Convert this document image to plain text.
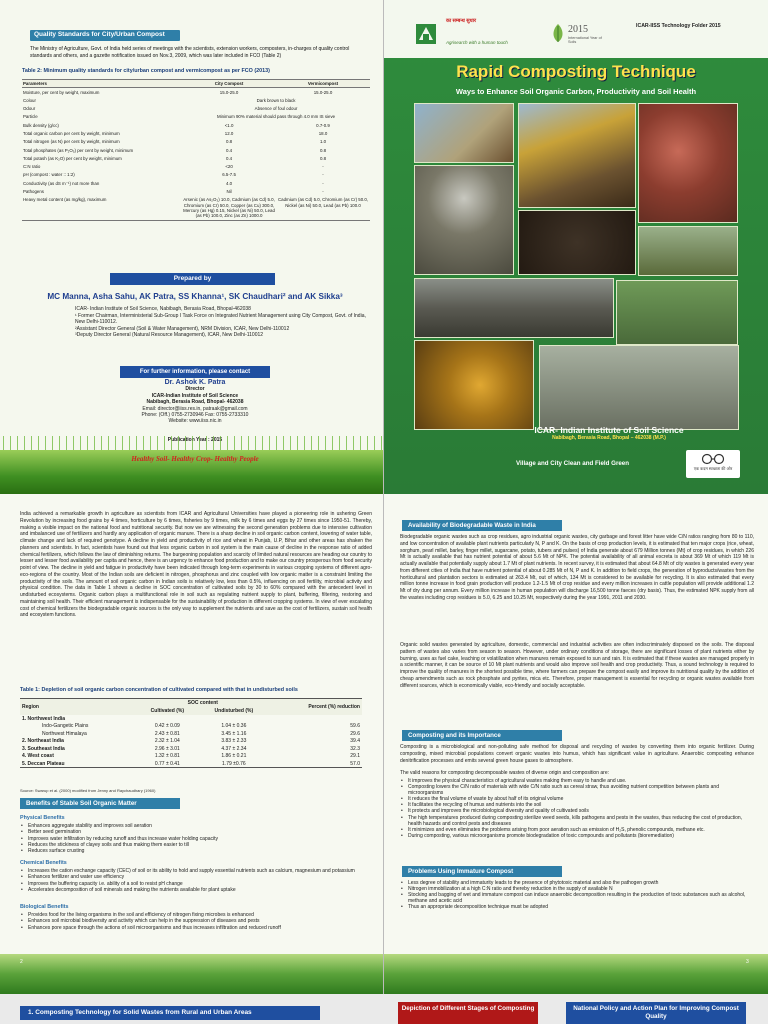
Quality Standards for City/Urban Compost

The Ministry of Agriculture, Govt. of India held series of meetings with the scientists, extension workers, composters, in-charges of quality control standards and others, and a gazette notification issued on Nov.3, 2009, which was later included in FCO (Table 2)

Table 2: Minimum quality standards for city/urban compost and vermicompost as per FCO (2013)
Parameters	City Compost	Vermicompost
Moisture, per cent by weight, maximum	15.0-25.0	15.0-25.0
Colour	Dark brown to black	
Odour	Absence of foul odour	
Particle	Minimum 90% material should pass through 4.0 mm IS sieve	
Bulk density (g/cc)	<1.0	0.7-0.9
Total organic carbon per cent by weight, minimum	12.0	18.0
Total nitrogen (as N) per cent by weight, minimum	0.8	1.0
Total phosphates (as P₂O₅) per cent by weight, minimum	0.4	0.8
Total potash (as K₂O) per cent by weight, minimum	0.4	0.8
C:N ratio	<20	-
pH (compost : water :: 1:2)	6.5-7.5	-
Conductivity (as dS m⁻¹) not more than	4.0	-
Pathogens	Nil	-
Heavy metal content (as mg/kg), maximum	Arsenic (as As₂O₃) 10.0, Cadmium (as Cd) 5.0, Chromium (as Cr) 50.0, Copper (as Cu) 300.0, Mercury (as Hg) 0.15, Nickel (as Ni) 50.0, Lead (as Pb) 100.0, Zinc (as Zn) 1000.0	Cadmium (as Cd) 5.0, Chromium (as Cr) 50.0, Nickel (as Ni) 50.0, Lead (as Pb) 100.0
Prepared by
MC Manna, Asha Sahu, AK Patra, SS Khanna¹, SK Chaudhari² and AK Sikka³
ICAR- Indian Institute of Soil Science, Nabibagh, Berasia Road, Bhopal-462038
¹ Former Chairman, Interministerial Sub-Group I Task Force on Integrated Nutrient Management using City Compost, Govt. of India, New Delhi-110012.
²Assistant Director General (Soil & Water Management), NRM Division, ICAR, New Delhi-110012
³Deputy Director General (Natural Resource Management), ICAR, New Delhi-110012
For further information, please contact
Dr. Ashok K. Patra
Director
ICAR-Indian Institute of Soil Science
Nabibagh, Berasia Road, Bhopal- 462038
Email: director@iiss.res.in, patraak@gmail.com
Phone: (Off.) 0755-2730946 Fax: 0755-2733310
Website: www.iiss.nic.in
Healthy Soil- Healthy Crop- Healthy People
का सम्बन्ध सुधार
Agrisearch with a human touch
2015
International Year of Soils
ICAR-IISS Technology Folder 2015
Rapid Composting Technique
Ways to Enhance Soil Organic Carbon, Productivity and Soil Health
ICAR- Indian Institute of Soil Science
Nabibagh, Berasia Road, Bhopal – 462038 (M.P.)
Village and City Clean and Field Green
एक कदम स्वच्छता की ओर

India achieved a remarkable growth in agriculture as scientists from ICAR and Agricultural Universities have played a pioneering role in ushering Green Revolution by increasing food grains by 4 times, horticulture by 6 times, fisheries by 9 times, milk by 6 times and eggs by 27 times since 1950-51. Thereby, making a visible impact on the national food and nutritional security. But now we are witnessing the second generation problems due to intensive cultivation and imbalanced use of fertilizers and hardly any application of organic manure. There is a sharp decline in soil organic carbon content, lowering of water table, climate change and lack of required genotype. A decline in yield and productivity of rice and wheat in Punjab, U.P, Bihar and other areas has shaken the planners and scientists. In fact, scientists have found out that less organic carbon in soil system is the main cause of decline in the response ratio of added chemical fertilizers, which follows the law of diminishing returns. The burgeoning population and scarcity of limited natural resources are heading our country to lesser and lesser food availability per capita and hence, there is an urgency to enhance food production and to make our country prosperous from food security point of view. The decline in yield and fatigue in productivity have been indicated through long-term experiments in various cropping systems of different agro-eco-regions of the country. Most of the Indian soils are deficient in nitrogen, phosphorus and zinc coupled with low organic matter is a constraint limiting the productivity of the soils. The amount of soil organic carbon in Indian soils is relatively low, less than 0.5%, influencing on soil fertility, microbial activity and physical condition. The data in Table 1 shows a decline in SOC concentration of cultivated soils by 30 to 60% compared with the antecedent level in undisturbed ecosystems. Organic carbon plays a multifunctional role in soil such as regulating nutrient supply to plant, buffering, filtering, restoring and maintaining soil health. Their efficient management is indispensable for the sustainability of production in different cropping systems. In view of ever escalating cost of chemical fertilizers the biodegradable organic sources is the only way to supplement the nutrients and save as the cost of fertilizers, sustain soil health and ecosystem functions.

Table 1: Depletion of soil organic carbon concentration of cultivated compared with that in undisturbed soils
Region	SOC content		Percent (%) reduction
	Cultivated (%)	Undisturbed (%)	
1. Northwest India			
Indo-Gangetic Plains	0.42 ± 0.09	1.04 ± 0.36	59.6
Northwest Himalaya	2.43 ± 0.81	3.45 ± 1.16	29.6
2. Northeast India	2.32 ± 1.04	3.83 ± 2.33	39.4
3. Southeast India	2.96 ± 3.01	4.37 ± 2.34	32.3
4. West coast	1.32 ± 0.81	1.86 ± 0.21	29.1
5. Deccan Plateau	0.77 ± 0.41	1.79 ±0.76	57.0
Source: Swarup et al. (2000) modified from Jenny and Raychaudhary (1960)
Benefits of Stable Soil Organic Matter
Physical Benefits
• Enhances aggregate stability and improves soil aeration
• Better seed germination
• Improves water infiltration by reducing runoff and thus increase water holding capacity
• Reduces the stickiness of clayey soils and thus making them easier to till
• Reduces surface crusting
Chemical Benefits
• Increases the cation exchange capacity (CEC) of soil or its ability to hold and supply essential nutrients such as calcium, magnesium and potassium
• Enhances fertilizer and water use efficiency
• Improves the buffering capacity i.e. ability of a soil to resist pH change
• Accelerates decomposition of soil minerals and making the nutrients available for plant uptake
Biological Benefits
• Provides food for the living organisms in the soil and efficiency of nitrogen fixing microbes is enhanced
• Enhances soil microbial biodiversity and activity which can help in the suppression of diseases and pests
• Enhances pore space through the actions of soil microorganisms and thus increases infiltration and reduced runoff
2
Availability of Biodegradable Waste in India

Biodegradable organic wastes such as crop residues, agro industrial organic wastes, city garbage and forest litter have wide C/N ratios ranging from 80 to 110, and low concentration of available plant nutrients particularly N, P and K. On the basis of crop production levels, it is estimated that ten major crops (rice, wheat, sorghum, pearl millet, barley, finger millet, sugarcane, potato, tubers and pulses) of India generate about 679 Million tonnes (Mt) of crop residues, in which 226 Mt is actually available that has nutrient potential of about 5.6 Mt of NPK. The potential availability of all animal excreta is about 369 Mt of which 119 Mt is actually available that potentially supply about 1.7 Mt of plant nutrients. In recent survey, it is estimated that about 64.8 Mt of city wastes is generated every year from different cities of India that have nutrient potential of about 0.285 Mt of N, P and K. In addition to field crops, the generation of byproducts/wastes from the horticultural and plantation sectors is estimated at 263.4 Mt, out of which, 134 Mt is considered to be available for recycling. It is also estimated that every million tonne increase in food grain production will produce 1.2-1.5 Mt of crop residue and every million increases in cattle population will provide additional 1.2 Mt of dry dung per annum. Every million increase in human population will discharge 16,500 tonne faeces (dry basis). Thus, the estimated NPK supply from all the wastes including crop residues is 5.0, 6.25 and 10.25 Mt, respectively during the year 1991, 2011 and 2030.

Organic solid wastes generated by agriculture, domestic, commercial and industrial activities are often indiscriminately disposed on the soils. The disposal pattern of wastes also varies from season to season. However, under ordinary conditions of storage, there are significant losses of plant nutrients either by burning, uses as fuel cake, leaching or volatilization when manures remain exposed to sun and rain. It is estimated that if these wastes are managed properly in a scientific manner, it can be source of 10 Mt plant nutrients and would also improve soil health and crop productivity. Thus, a sound technology is required to improve the quality of manures in the shortest possible time, where farmers can prepare the compost easily and improve its nutritional quality by the addition of cheap amendments such as rock phosphate and pyrites, mica etc. Therefore, proper management is essential for recycling or organic wastes available from different sources, which is economically viable, eco-friendly and socially acceptable.

Composting and its Importance

Composting is a microbiological and non-polluting safe method for disposal and recycling of wastes by converting them into organic fertilizer. During composting, mixed microbial populations convert organic wastes into humus, which has significant value in agriculture. Anaerobic composting enhance denitrification processes and emits several green house gases to atmosphere.

The valid reasons for composting decomposable wastes of diverse origin and composition are:

• It improves the physical characteristics of agricultural wastes making them easy to handle and use.
• Composting lowers the C/N ratio of materials with wide C/N ratio such as cereal straw, thus avoiding nutrient competition between plants and microorganisms
• It reduces the final volume of waste by about half of its original volume
• It facilitates the recycling of humus and nutrients into the soil
• It protects and improves the microbiological diversity and quality of cultivated soils
• The high temperatures produced during composting sterilize weed seeds, kills pathogens and pests in the wastes, thus reducing the cost of production, health hazards and control pests and diseases
• It minimizes and even eliminates the problems arising from poor aeration such as emission of H₂S, phenolic compounds, methane etc.
• During composting, various microorganisms promote biodegradation of toxic compounds and pollutants (bioremediation)
Problems Using Immature Compost
• Less degree of stability and immaturity leads to the presence of phytotoxic material and also the pathogen growth
• Nitrogen immobilization at a high C:N ratio and thereby reduction in the supply of available N
• Stocking and bagging of wet and immature compost can induce anaerobic decomposition resulting in the production of toxic substances such as alcohol, methane and acetic acid
• Thus an appropriate decomposition technique must be adopted
3
1. Composting Technology for Solid Wastes from Rural and Urban Areas
Depiction of Different Stages of Composting	National Policy and Action Plan for Improving Compost Quality
